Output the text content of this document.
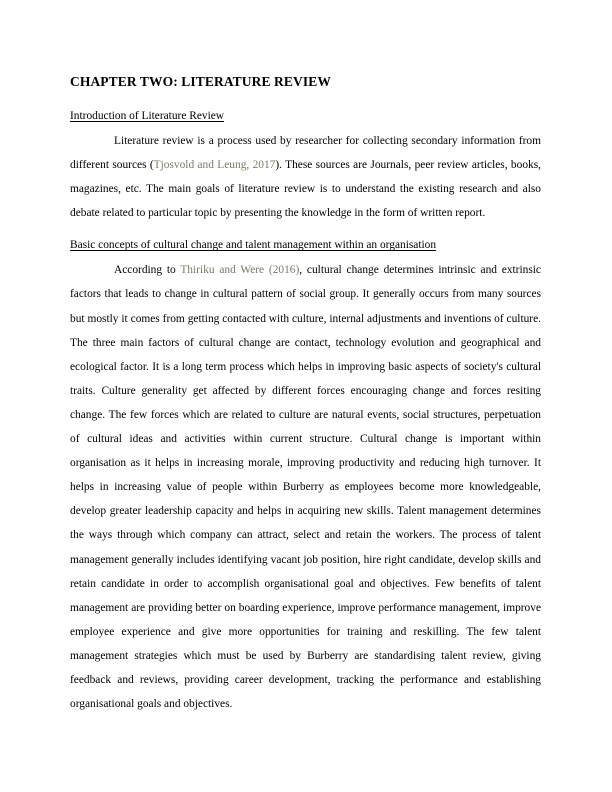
CHAPTER TWO: LITERATURE REVIEW
Introduction of Literature Review

Literature review is a process used by researcher for collecting secondary information from different sources (Tjosvold and Leung, 2017). These sources are Journals, peer review articles, books, magazines, etc. The main goals of literature review is to understand the existing research and also debate related to particular topic by presenting the knowledge in the form of written report.

Basic concepts of cultural change and talent management within an organisation

According to Thiriku and Were (2016), cultural change determines intrinsic and extrinsic factors that leads to change in cultural pattern of social group. It generally occurs from many sources but mostly it comes from getting contacted with culture, internal adjustments and inventions of culture. The three main factors of cultural change are contact, technology evolution and geographical and ecological factor. It is a long term process which helps in improving basic aspects of society's cultural traits. Culture generality get affected by different forces encouraging change and forces resiting change. The few forces which are related to culture are natural events, social structures, perpetuation of cultural ideas and activities within current structure. Cultural change is important within organisation as it helps in increasing morale, improving productivity and reducing high turnover. It helps in increasing value of people within Burberry as employees become more knowledgeable, develop greater leadership capacity and helps in acquiring new skills. Talent management determines the ways through which company can attract, select and retain the workers. The process of talent management generally includes identifying vacant job position, hire right candidate, develop skills and retain candidate in order to accomplish organisational goal and objectives. Few benefits of talent management are providing better on boarding experience, improve performance management, improve employee experience and give more opportunities for training and reskilling. The few talent management strategies which must be used by Burberry are standardising talent review, giving feedback and reviews, providing career development, tracking the performance and establishing organisational goals and objectives.
